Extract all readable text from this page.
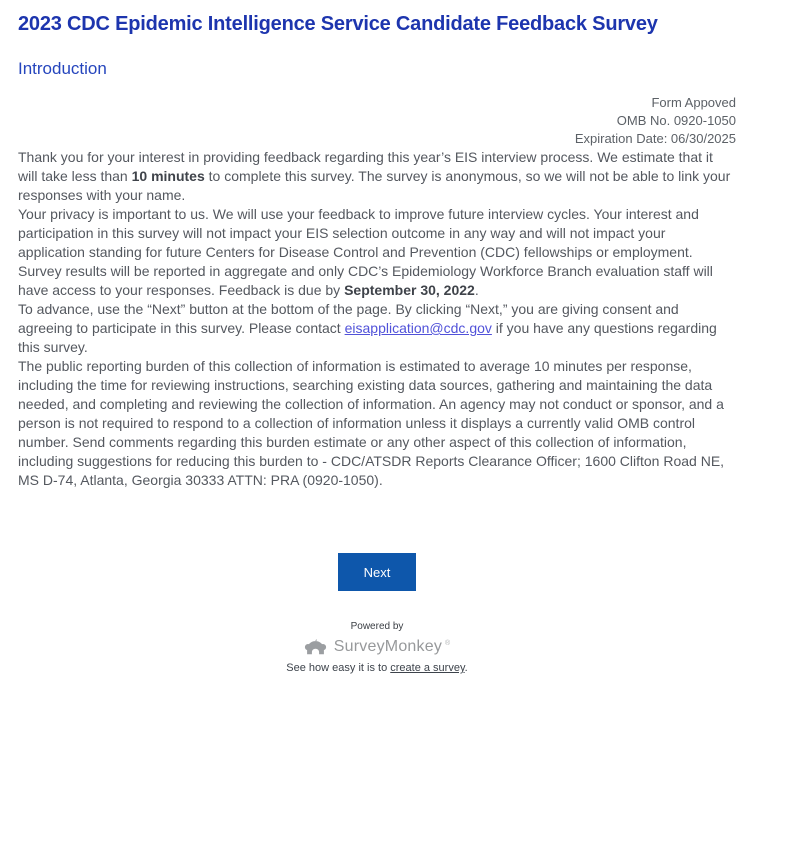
2023 CDC Epidemic Intelligence Service Candidate Feedback Survey
Introduction
Form Appoved
OMB No. 0920-1050
Expiration Date: 06/30/2025

Thank you for your interest in providing feedback regarding this year’s EIS interview process. We estimate that it will take less than 10 minutes to complete this survey. The survey is anonymous, so we will not be able to link your responses with your name.

Your privacy is important to us. We will use your feedback to improve future interview cycles. Your interest and participation in this survey will not impact your EIS selection outcome in any way and will not impact your application standing for future Centers for Disease Control and Prevention (CDC) fellowships or employment. Survey results will be reported in aggregate and only CDC’s Epidemiology Workforce Branch evaluation staff will have access to your responses. Feedback is due by September 30, 2022.

To advance, use the “Next” button at the bottom of the page. By clicking “Next,” you are giving consent and agreeing to participate in this survey. Please contact eisapplication@cdc.gov if you have any questions regarding this survey.

The public reporting burden of this collection of information is estimated to average 10 minutes per response, including the time for reviewing instructions, searching existing data sources, gathering and maintaining the data needed, and completing and reviewing the collection of information. An agency may not conduct or sponsor, and a person is not required to respond to a collection of information unless it displays a currently valid OMB control number. Send comments regarding this burden estimate or any other aspect of this collection of information, including suggestions for reducing this burden to - CDC/ATSDR Reports Clearance Officer; 1600 Clifton Road NE, MS D-74, Atlanta, Georgia 30333 ATTN: PRA (0920-1050).

Next
Powered by
SurveyMonkey ®
See how easy it is to create a survey.
